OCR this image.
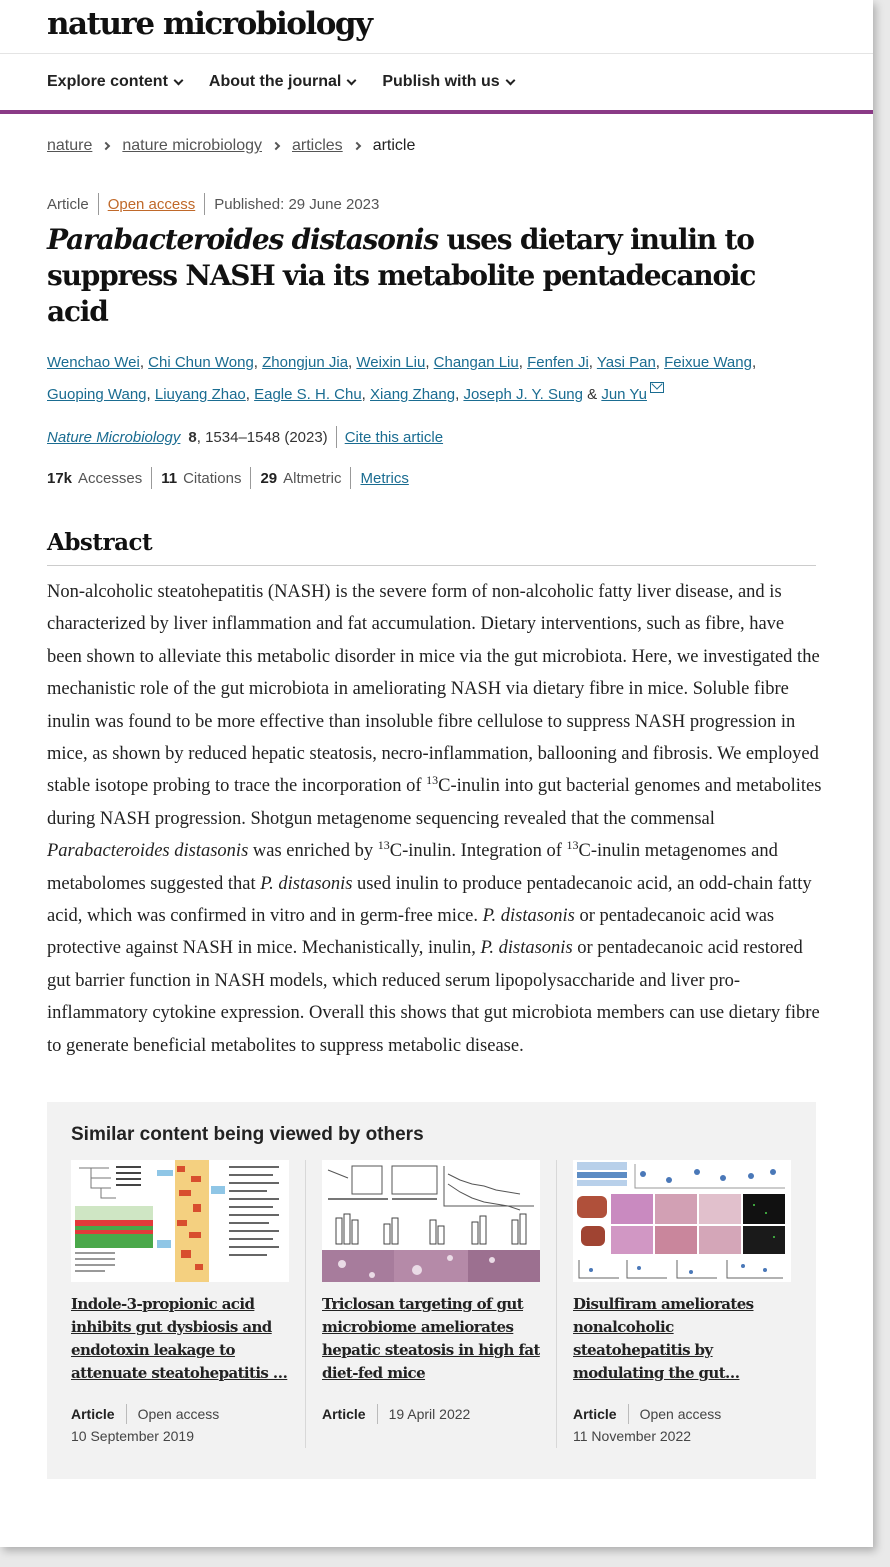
nature microbiology
Explore content	About the journal	Publish with us
nature nature microbiology articles article
Article Open access Published: 29 June 2023
Parabacteroides distasonis uses dietary inulin to suppress NASH via its metabolite pentadecanoic acid
Wenchao Wei, Chi Chun Wong, Zhongjun Jia, Weixin Liu, Changan Liu, Fenfen Ji, Yasi Pan, Feixue Wang, Guoping Wang, Liuyang Zhao, Eagle S. H. Chu, Xiang Zhang, Joseph J. Y. Sung & Jun Yu
Nature Microbiology 8 , 1534–1548 (2023) Cite this article
17k Accesses 11 Citations 29 Altmetric Metrics
Abstract

Non-alcoholic steatohepatitis (NASH) is the severe form of non-alcoholic fatty liver disease, and is characterized by liver inflammation and fat accumulation. Dietary interventions, such as fibre, have been shown to alleviate this metabolic disorder in mice via the gut microbiota. Here, we investigated the mechanistic role of the gut microbiota in ameliorating NASH via dietary fibre in mice. Soluble fibre inulin was found to be more effective than insoluble fibre cellulose to suppress NASH progression in mice, as shown by reduced hepatic steatosis, necro-inflammation, ballooning and fibrosis. We employed stable isotope probing to trace the incorporation of $^{13}$C-inulin into gut bacterial genomes and metabolites during NASH progression. Shotgun metagenome sequencing revealed that the commensal Parabacteroides distasonis was enriched by $^{13}$C-inulin. Integration of $^{13}$C-inulin metagenomes and metabolomes suggested that P. distasonis used inulin to produce pentadecanoic acid, an odd-chain fatty acid, which was confirmed in vitro and in germ-free mice. P. distasonis or pentadecanoic acid was protective against NASH in mice. Mechanistically, inulin, P. distasonis or pentadecanoic acid restored gut barrier function in NASH models, which reduced serum lipopolysaccharide and liver pro-inflammatory cytokine expression. Overall this shows that gut microbiota members can use dietary fibre to generate beneficial metabolites to suppress metabolic disease.

Similar content being viewed by others
Indole-3-propionic acid inhibits gut dysbiosis and endotoxin leakage to attenuate steatohepatitis …
Article Open access
10 September 2019
Triclosan targeting of gut microbiome ameliorates hepatic steatosis in high fat diet-fed mice
Article 19 April 2022
Disulfiram ameliorates nonalcoholic steatohepatitis by modulating the gut…
Article Open access
11 November 2022
